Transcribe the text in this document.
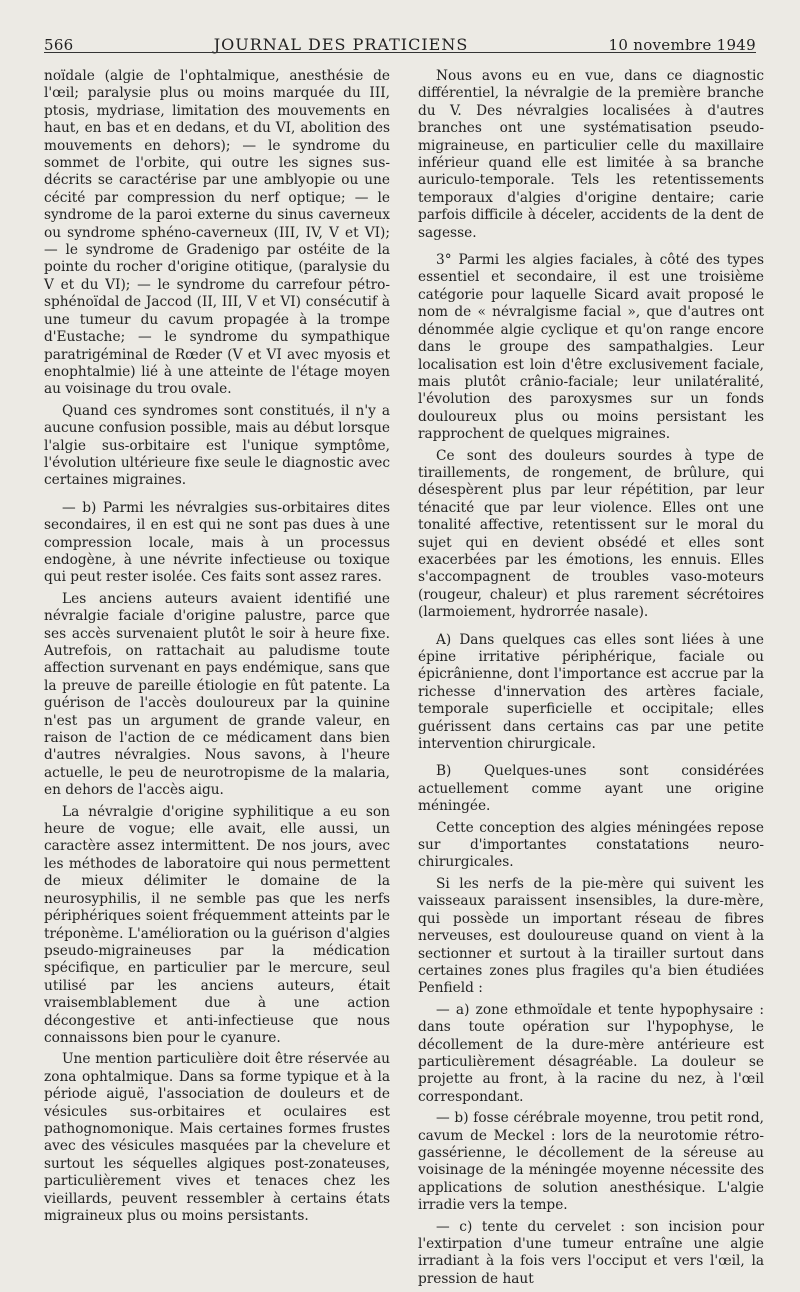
566	JOURNAL DES PRATICIENS	10 novembre 1949

noïdale (algie de l'ophtalmique, anesthésie de l'œil; paralysie plus ou moins marquée du III, ptosis, mydriase, limitation des mouvements en haut, en bas et en dedans, et du VI, abolition des mouvements en dehors); — le syndrome du sommet de l'orbite, qui outre les signes sus-décrits se caractérise par une amblyopie ou une cécité par compression du nerf optique; — le syndrome de la paroi externe du sinus caverneux ou syndrome sphéno-caverneux (III, IV, V et VI); — le syndrome de Gradenigo par ostéite de la pointe du rocher d'origine otitique, (paralysie du V et du VI); — le syndrome du carrefour pétro-sphénoïdal de Jaccod (II, III, V et VI) consécutif à une tumeur du cavum propagée à la trompe d'Eustache; — le syndrome du sympathique paratrigéminal de Rœder (V et VI avec myosis et enophtalmie) lié à une atteinte de l'étage moyen au voisinage du trou ovale.

Quand ces syndromes sont constitués, il n'y a aucune confusion possible, mais au début lorsque l'algie sus-orbitaire est l'unique symptôme, l'évolution ultérieure fixe seule le diagnostic avec certaines migraines.

— b) Parmi les névralgies sus-orbitaires dites secondaires, il en est qui ne sont pas dues à une compression locale, mais à un processus endogène, à une névrite infectieuse ou toxique qui peut rester isolée. Ces faits sont assez rares.

Les anciens auteurs avaient identifié une névralgie faciale d'origine palustre, parce que ses accès survenaient plutôt le soir à heure fixe. Autrefois, on rattachait au paludisme toute affection survenant en pays endémique, sans que la preuve de pareille étiologie en fût patente. La guérison de l'accès douloureux par la quinine n'est pas un argument de grande valeur, en raison de l'action de ce médicament dans bien d'autres névralgies. Nous savons, à l'heure actuelle, le peu de neurotropisme de la malaria, en dehors de l'accès aigu.

La névralgie d'origine syphilitique a eu son heure de vogue; elle avait, elle aussi, un caractère assez intermittent. De nos jours, avec les méthodes de laboratoire qui nous permettent de mieux délimiter le domaine de la neurosyphilis, il ne semble pas que les nerfs périphériques soient fréquemment atteints par le tréponème. L'amélioration ou la guérison d'algies pseudo-migraineuses par la médication spécifique, en particulier par le mercure, seul utilisé par les anciens auteurs, était vraisemblablement due à une action décongestive et anti-infectieuse que nous connaissons bien pour le cyanure.

Une mention particulière doit être réservée au zona ophtalmique. Dans sa forme typique et à la période aiguë, l'association de douleurs et de vésicules sus-orbitaires et oculaires est pathognomonique. Mais certaines formes frustes avec des vésicules masquées par la chevelure et surtout les séquelles algiques post-zonateuses, particulièrement vives et tenaces chez les vieillards, peuvent ressembler à certains états migraineux plus ou moins persistants.

Nous avons eu en vue, dans ce diagnostic différentiel, la névralgie de la première branche du V. Des névralgies localisées à d'autres branches ont une systématisation pseudo-migraineuse, en particulier celle du maxillaire inférieur quand elle est limitée à sa branche auriculo-temporale. Tels les retentissements temporaux d'algies d'origine dentaire; carie parfois difficile à déceler, accidents de la dent de sagesse.

3° Parmi les algies faciales, à côté des types essentiel et secondaire, il est une troisième catégorie pour laquelle Sicard avait proposé le nom de « névralgisme facial », que d'autres ont dénommée algie cyclique et qu'on range encore dans le groupe des sampathalgies. Leur localisation est loin d'être exclusivement faciale, mais plutôt crânio-faciale; leur unilatéralité, l'évolution des paroxysmes sur un fonds douloureux plus ou moins persistant les rapprochent de quelques migraines.

Ce sont des douleurs sourdes à type de tiraillements, de rongement, de brûlure, qui désespèrent plus par leur répétition, par leur ténacité que par leur violence. Elles ont une tonalité affective, retentissent sur le moral du sujet qui en devient obsédé et elles sont exacerbées par les émotions, les ennuis. Elles s'accompagnent de troubles vaso-moteurs (rougeur, chaleur) et plus rarement sécrétoires (larmoiement, hydrorrée nasale).

A) Dans quelques cas elles sont liées à une épine irritative périphérique, faciale ou épicrânienne, dont l'importance est accrue par la richesse d'innervation des artères faciale, temporale superficielle et occipitale; elles guérissent dans certains cas par une petite intervention chirurgicale.

B) Quelques-unes sont considérées actuellement comme ayant une origine méningée.

Cette conception des algies méningées repose sur d'importantes constatations neuro-chirurgicales.

Si les nerfs de la pie-mère qui suivent les vaisseaux paraissent insensibles, la dure-mère, qui possède un important réseau de fibres nerveuses, est douloureuse quand on vient à la sectionner et surtout à la tirailler surtout dans certaines zones plus fragiles qu'a bien étudiées Penfield :

— a) zone ethmoïdale et tente hypophysaire : dans toute opération sur l'hypophyse, le décollement de la dure-mère antérieure est particulièrement désagréable. La douleur se projette au front, à la racine du nez, à l'œil correspondant.

— b) fosse cérébrale moyenne, trou petit rond, cavum de Meckel : lors de la neurotomie rétro-gassérienne, le décollement de la séreuse au voisinage de la méningée moyenne nécessite des applications de solution anesthésique. L'algie irradie vers la tempe.

— c) tente du cervelet : son incision pour l'extirpation d'une tumeur entraîne une algie irradiant à la fois vers l'occiput et vers l'œil, la pression de haut
